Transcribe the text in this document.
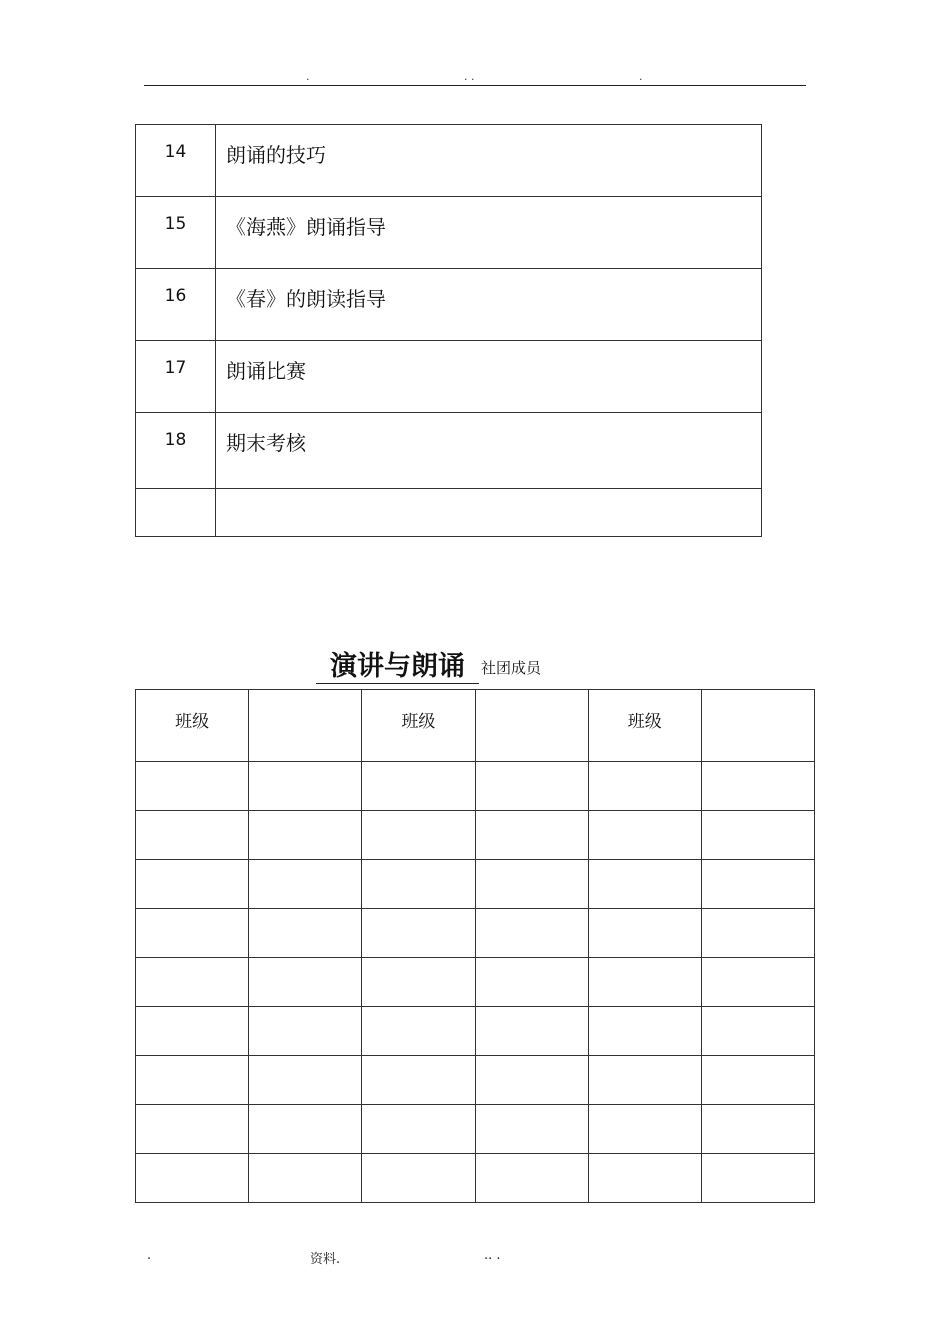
.	. .	.
14	朗诵的技巧
15	《海燕》朗诵指导
16	《春》的朗读指导
17	朗诵比赛
18	期末考核

演讲与朗诵	社团成员
班级		班级		班级	

.	资料.	.. .
